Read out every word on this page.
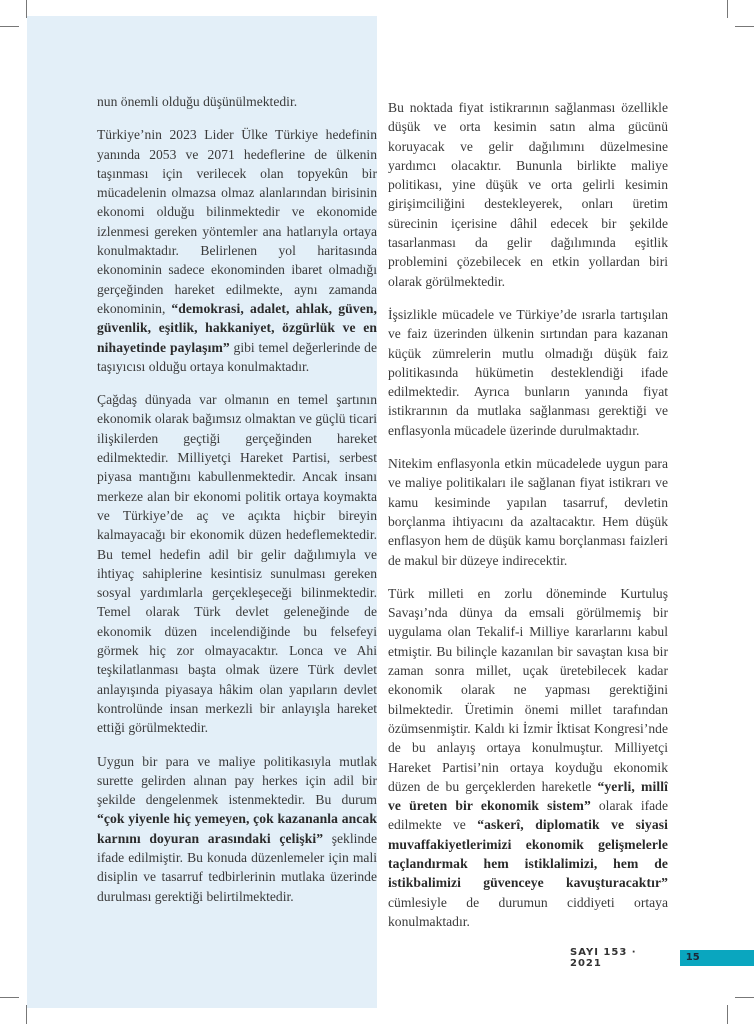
nun önemli olduğu düşünülmektedir.

Türkiye’nin 2023 Lider Ülke Türkiye hedefinin yanında 2053 ve 2071 hedeflerine de ülkenin taşınması için verilecek olan topyekûn bir mücadelenin olmazsa olmaz alanlarından birisinin ekonomi olduğu bilinmektedir ve ekonomide izlenmesi gereken yöntemler ana hatlarıyla ortaya konulmaktadır. Belirlenen yol haritasında ekonominin sadece ekonominden ibaret olmadığı gerçeğinden hareket edilmekte, aynı zamanda ekonominin, “demokrasi, adalet, ahlak, güven, güvenlik, eşitlik, hakkaniyet, özgürlük ve en nihayetinde paylaşım” gibi temel değerlerinde de taşıyıcısı olduğu ortaya konulmaktadır.

Çağdaş dünyada var olmanın en temel şartının ekonomik olarak bağımsız olmaktan ve güçlü ticari ilişkilerden geçtiği gerçeğinden hareket edilmektedir. Milliyetçi Hareket Partisi, serbest piyasa mantığını kabullenmektedir. Ancak insanı merkeze alan bir ekonomi politik ortaya koymakta ve Türkiye’de aç ve açıkta hiçbir bireyin kalmayacağı bir ekonomik düzen hedeflemektedir. Bu temel hedefin adil bir gelir dağılımıyla ve ihtiyaç sahiplerine kesintisiz sunulması gereken sosyal yardımlarla gerçekleşeceği bilinmektedir. Temel olarak Türk devlet geleneğinde de ekonomik düzen incelendiğinde bu felsefeyi görmek hiç zor olmayacaktır. Lonca ve Ahi teşkilatlanması başta olmak üzere Türk devlet anlayışında piyasaya hâkim olan yapıların devlet kontrolünde insan merkezli bir anlayışla hareket ettiği görülmektedir.

Uygun bir para ve maliye politikasıyla mutlak surette gelirden alınan pay herkes için adil bir şekilde dengelenmek istenmektedir. Bu durum “çok yiyenle hiç yemeyen, çok kazananla ancak karnını doyuran arasındaki çelişki” şeklinde ifade edilmiştir. Bu konuda düzenlemeler için mali disiplin ve tasarruf tedbirlerinin mutlaka üzerinde durulması gerektiği belirtilmektedir.

Bu noktada fiyat istikrarının sağlanması özellikle düşük ve orta kesimin satın alma gücünü koruyacak ve gelir dağılımını düzelmesine yardımcı olacaktır. Bununla birlikte maliye politikası, yine düşük ve orta gelirli kesimin girişimciliğini destekleyerek, onları üretim sürecinin içerisine dâhil edecek bir şekilde tasarlanması da gelir dağılımında eşitlik problemini çözebilecek en etkin yollardan biri olarak görülmektedir.

İşsizlikle mücadele ve Türkiye’de ısrarla tartışılan ve faiz üzerinden ülkenin sırtından para kazanan küçük zümrelerin mutlu olmadığı düşük faiz politikasında hükümetin desteklendiği ifade edilmektedir. Ayrıca bunların yanında fiyat istikrarının da mutlaka sağlanması gerektiği ve enflasyonla mücadele üzerinde durulmaktadır.

Nitekim enflasyonla etkin mücadelede uygun para ve maliye politikaları ile sağlanan fiyat istikrarı ve kamu kesiminde yapılan tasarruf, devletin borçlanma ihtiyacını da azaltacaktır. Hem düşük enflasyon hem de düşük kamu borçlanması faizleri de makul bir düzeye indirecektir.

Türk milleti en zorlu döneminde Kurtuluş Savaşı’nda dünya da emsali görülmemiş bir uygulama olan Tekalif-i Milliye kararlarını kabul etmiştir. Bu bilinçle kazanılan bir savaştan kısa bir zaman sonra millet, uçak üretebilecek kadar ekonomik olarak ne yapması gerektiğini bilmektedir. Üretimin önemi millet tarafından özümsenmiştir. Kaldı ki İzmir İktisat Kongresi’nde de bu anlayış ortaya konulmuştur. Milliyetçi Hareket Partisi’nin ortaya koyduğu ekonomik düzen de bu gerçeklerden hareketle “yerli, millî ve üreten bir ekonomik sistem” olarak ifade edilmekte ve “askerî, diplomatik ve siyasi muvaffakiyetlerimizi ekonomik gelişmelerle taçlandırmak hem istiklalimizi, hem de istikbalimizi güvenceye kavuşturacaktır” cümlesiyle de durumun ciddiyeti ortaya konulmaktadır.

SAYI 153 · 2021	15
